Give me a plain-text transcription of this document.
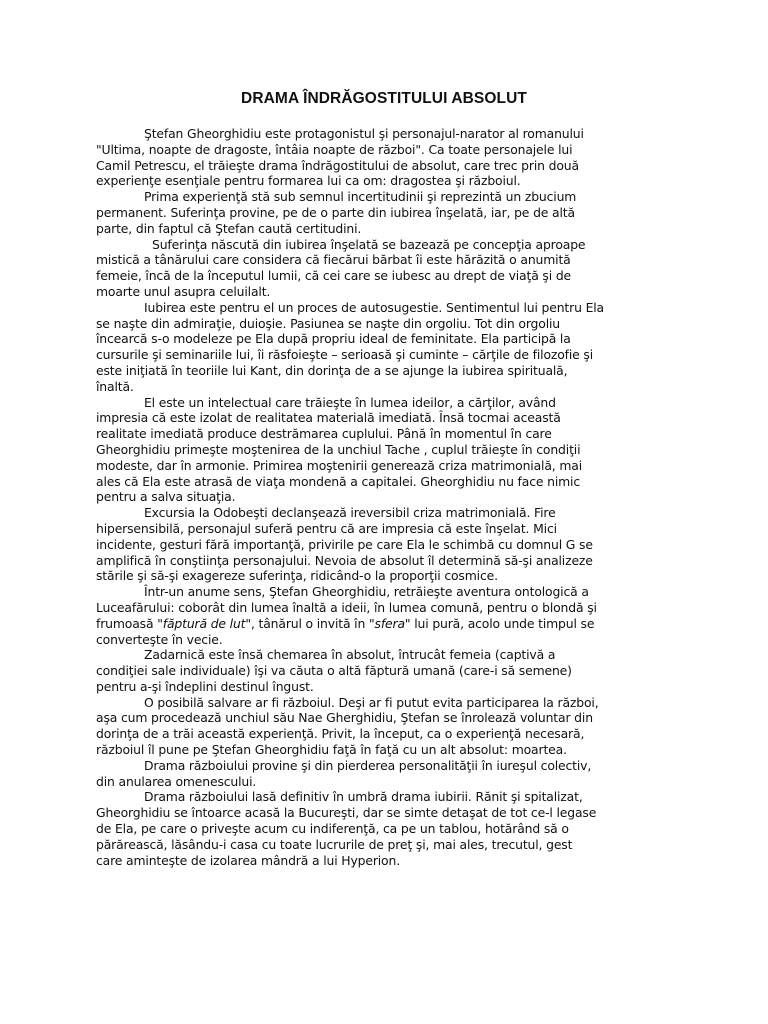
DRAMA ÎNDRĂGOSTITULUI ABSOLUT

Ştefan Gheorghidiu este protagonistul şi personajul-narator al romanului
"Ultima, noapte de dragoste, întâia noapte de război". Ca toate personajele lui
Camil Petrescu, el trăieşte drama îndrăgostitului de absolut, care trec prin două
experienţe esenţiale pentru formarea lui ca om: dragostea şi războiul.

Prima experienţă stă sub semnul incertitudinii şi reprezintă un zbucium
permanent. Suferinţa provine, pe de o parte din iubirea înşelată, iar, pe de altă
parte, din faptul că Ştefan caută certitudini.

Suferinţa născută din iubirea înşelată se bazează pe concepţia aproape
mistică a tânărului care considera că fiecărui bărbat îi este hărăzită o anumită
femeie, încă de la începutul lumii, că cei care se iubesc au drept de viaţă şi de
moarte unul asupra celuilalt.

Iubirea este pentru el un proces de autosugestie. Sentimentul lui pentru Ela
se naşte din admiraţie, duioşie. Pasiunea se naşte din orgoliu. Tot din orgoliu
încearcă s-o modeleze pe Ela după propriu ideal de feminitate. Ela participă la
cursurile şi seminariile lui, îi răsfoieşte – serioasă şi cuminte – cărţile de filozofie şi
este iniţiată în teoriile lui Kant, din dorinţa de a se ajunge la iubirea spirituală,
înaltă.

El este un intelectual care trăieşte în lumea ideilor, a cărţilor, având
impresia că este izolat de realitatea materială imediată. Însă tocmai această
realitate imediată produce destrămarea cuplului. Până în momentul în care
Gheorghidiu primeşte moştenirea de la unchiul Tache , cuplul trăieşte în condiţii
modeste, dar în armonie. Primirea moştenirii generează criza matrimonială, mai
ales că Ela este atrasă de viaţa mondenă a capitalei. Gheorghidiu nu face nimic
pentru a salva situaţia.

Excursia la Odobeşti declanşează ireversibil criza matrimonială. Fire
hipersensibilă, personajul suferă pentru că are impresia că este înşelat. Mici
incidente, gesturi fără importanţă, privirile pe care Ela le schimbă cu domnul G se
amplifică în conştiinţa personajului. Nevoia de absolut îl determină să-şi analizeze
stările şi să-şi exagereze suferinţa, ridicând-o la proporţii cosmice.

Într-un anume sens, Ştefan Gheorghidiu, retrăieşte aventura ontologică a
Luceafărului: coborât din lumea înaltă a ideii, în lumea comună, pentru o blondă şi
frumoasă "făptură de lut", tânărul o invită în "sfera" lui pură, acolo unde timpul se
converteşte în vecie.

Zadarnică este însă chemarea în absolut, întrucât femeia (captivă a
condiţiei sale individuale) îşi va căuta o altă făptură umană (care-i să semene)
pentru a-şi îndeplini destinul îngust.

O posibilă salvare ar fi războiul. Deşi ar fi putut evita participarea la război,
aşa cum procedează unchiul său Nae Gherghidiu, Ştefan se înrolează voluntar din
dorinţa de a trăi această experienţă. Privit, la început, ca o experienţă necesară,
războiul îl pune pe Ştefan Gheorghidiu faţă în faţă cu un alt absolut: moartea.

Drama războiului provine şi din pierderea personalităţii în iureşul colectiv,
din anularea omenescului.

Drama războiului lasă definitiv în umbră drama iubirii. Rănit şi spitalizat,
Gheorghidiu se întoarce acasă la Bucureşti, dar se simte detaşat de tot ce-l legase
de Ela, pe care o priveşte acum cu indiferenţă, ca pe un tablou, hotărând să o
părărească, lăsându-i casa cu toate lucrurile de preţ şi, mai ales, trecutul, gest
care aminteşte de izolarea mândră a lui Hyperion.
